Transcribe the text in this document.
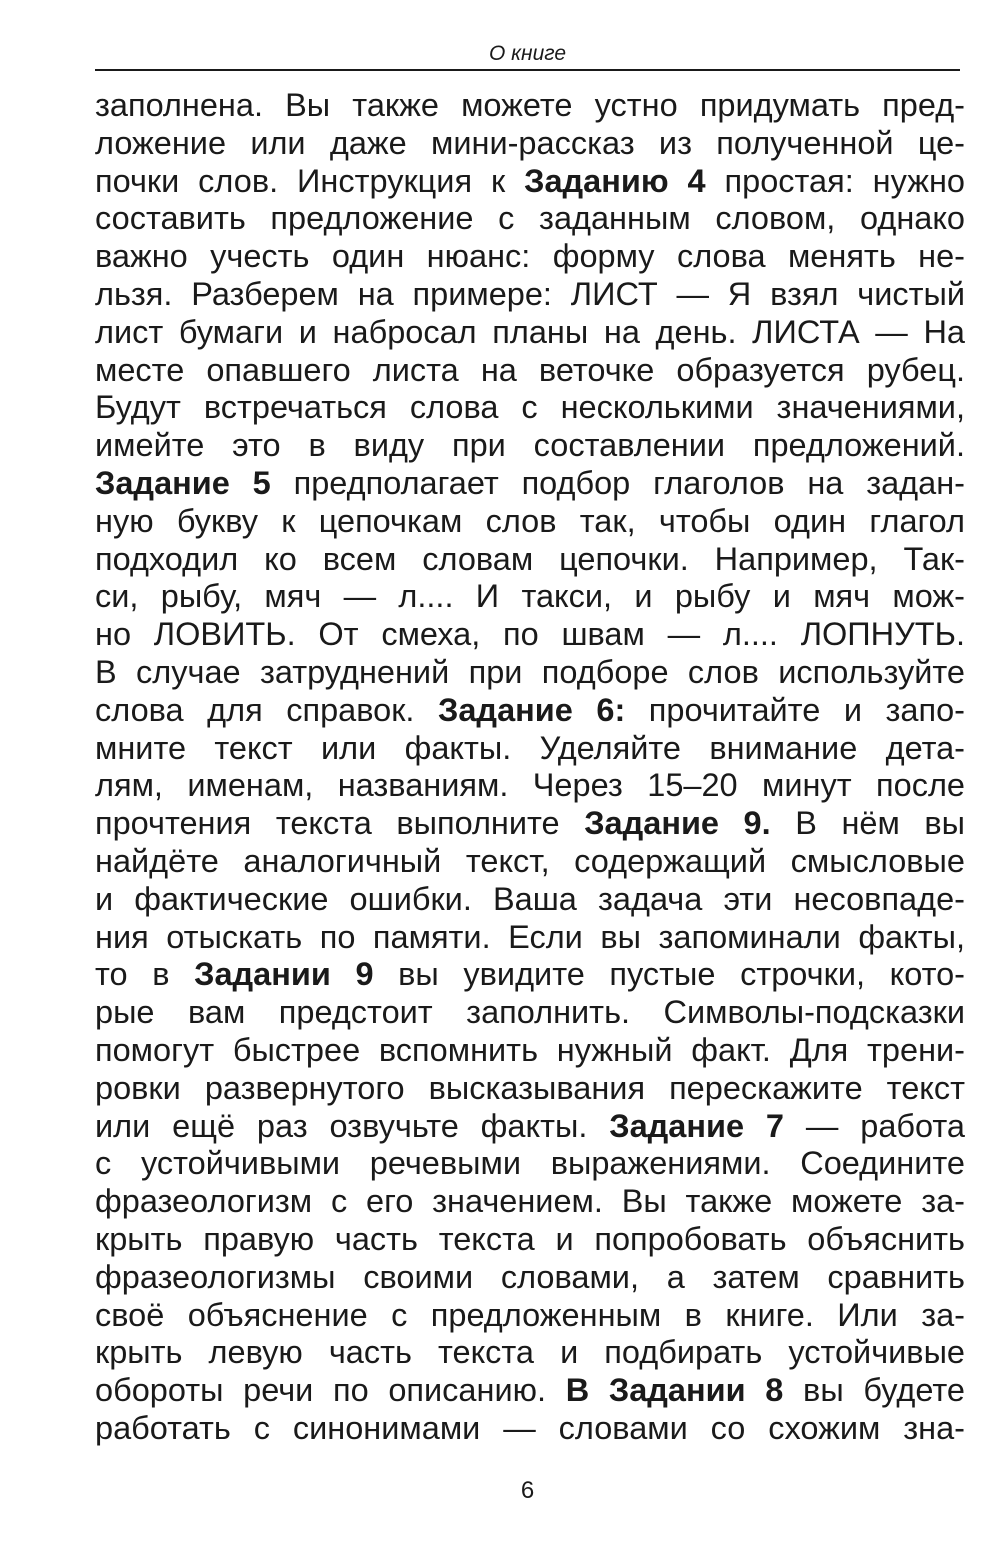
О книге
заполнена. Вы также можете устно придумать пред-
ложение или даже мини-рассказ из полученной це-
почки слов. Инструкция к Заданию 4 простая: нужно
составить предложение с заданным словом, однако
важно учесть один нюанс: форму слова менять не-
льзя. Разберем на примере: ЛИСТ — Я взял чистый
лист бумаги и набросал планы на день. ЛИСТА — На
месте опавшего листа на веточке образуется рубец.
Будут встречаться слова с несколькими значениями,
имейте это в виду при составлении предложений.
Задание 5 предполагает подбор глаголов на задан-
ную букву к цепочкам слов так, чтобы один глагол
подходил ко всем словам цепочки. Например, Так-
си, рыбу, мяч — л.... И такси, и рыбу и мяч мож-
но ЛОВИТЬ. От смеха, по швам — л.... ЛОПНУТЬ.
В случае затруднений при подборе слов используйте
слова для справок. Задание 6: прочитайте и запо-
мните текст или факты. Уделяйте внимание дета-
лям, именам, названиям. Через 15–20 минут после
прочтения текста выполните Задание 9. В нём вы
найдёте аналогичный текст, содержащий смысловые
и фактические ошибки. Ваша задача эти несовпаде-
ния отыскать по памяти. Если вы запоминали факты,
то в Задании 9 вы увидите пустые строчки, кото-
рые вам предстоит заполнить. Символы-подсказки
помогут быстрее вспомнить нужный факт. Для трени-
ровки развернутого высказывания перескажите текст
или ещё раз озвучьте факты. Задание 7 — работа
с устойчивыми речевыми выражениями. Соедините
фразеологизм с его значением. Вы также можете за-
крыть правую часть текста и попробовать объяснить
фразеологизмы своими словами, а затем сравнить
своё объяснение с предложенным в книге. Или за-
крыть левую часть текста и подбирать устойчивые
обороты речи по описанию. В Задании 8 вы будете
работать с синонимами — словами со схожим зна-
6
